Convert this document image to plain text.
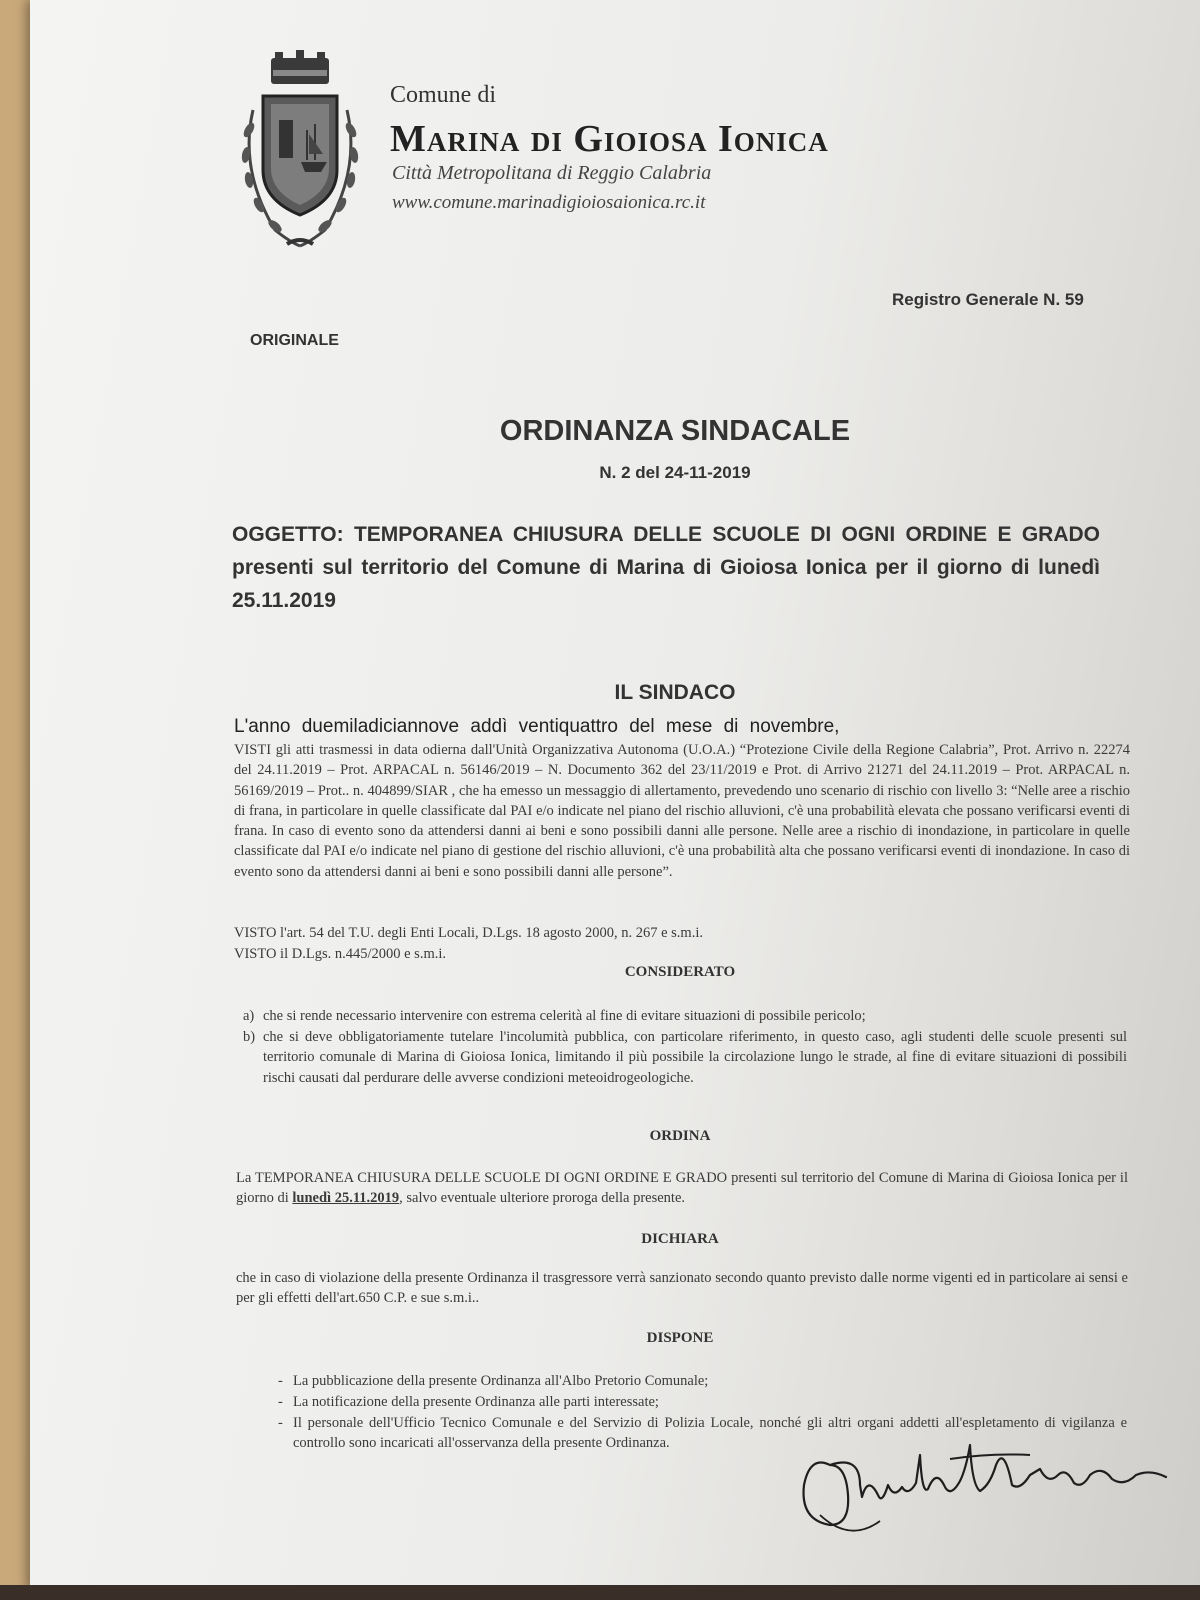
Comune di
Marina di Gioiosa Ionica
Città Metropolitana di Reggio Calabria
www.comune.marinadigioiosaionica.rc.it
Registro Generale N. 59
ORIGINALE
ORDINANZA SINDACALE
N. 2 del 24-11-2019
OGGETTO: TEMPORANEA CHIUSURA DELLE SCUOLE DI OGNI ORDINE E GRADO presenti sul territorio del Comune di Marina di Gioiosa Ionica per il giorno di lunedì 25.11.2019
IL SINDACO
L'anno duemiladiciannove addì ventiquattro del mese di novembre,
VISTI gli atti trasmessi in data odierna dall'Unità Organizzativa Autonoma (U.O.A.) “Protezione Civile della Regione Calabria”, Prot. Arrivo n. 22274 del 24.11.2019 – Prot. ARPACAL n. 56146/2019 – N. Documento 362 del 23/11/2019 e Prot. di Arrivo 21271 del 24.11.2019 – Prot. ARPACAL n. 56169/2019 – Prot.. n. 404899/SIAR , che ha emesso un messaggio di allertamento, prevedendo uno scenario di rischio con livello 3: “Nelle aree a rischio di frana, in particolare in quelle classificate dal PAI e/o indicate nel piano del rischio alluvioni, c'è una probabilità elevata che possano verificarsi eventi di frana. In caso di evento sono da attendersi danni ai beni e sono possibili danni alle persone. Nelle aree a rischio di inondazione, in particolare in quelle classificate dal PAI e/o indicate nel piano di gestione del rischio alluvioni, c'è una probabilità alta che possano verificarsi eventi di inondazione. In caso di evento sono da attendersi danni ai beni e sono possibili danni alle persone”.
VISTO l'art. 54 del T.U. degli Enti Locali, D.Lgs. 18 agosto 2000, n. 267 e s.m.i.
VISTO il D.Lgs. n.445/2000 e s.m.i.
CONSIDERATO
a) che si rende necessario intervenire con estrema celerità al fine di evitare situazioni di possibile pericolo;
b) che si deve obbligatoriamente tutelare l'incolumità pubblica, con particolare riferimento, in questo caso, agli studenti delle scuole presenti sul territorio comunale di Marina di Gioiosa Ionica, limitando il più possibile la circolazione lungo le strade, al fine di evitare situazioni di possibili rischi causati dal perdurare delle avverse condizioni meteoidrogeologiche.
ORDINA
La TEMPORANEA CHIUSURA DELLE SCUOLE DI OGNI ORDINE E GRADO presenti sul territorio del Comune di Marina di Gioiosa Ionica per il giorno di lunedì 25.11.2019, salvo eventuale ulteriore proroga della presente.
DICHIARA
che in caso di violazione della presente Ordinanza il trasgressore verrà sanzionato secondo quanto previsto dalle norme vigenti ed in particolare ai sensi e per gli effetti dell'art.650 C.P. e sue s.m.i..
DISPONE
- La pubblicazione della presente Ordinanza all'Albo Pretorio Comunale;
- La notificazione della presente Ordinanza alle parti interessate;
- Il personale dell'Ufficio Tecnico Comunale e del Servizio di Polizia Locale, nonché gli altri organi addetti all'espletamento di vigilanza e controllo sono incaricati all'osservanza della presente Ordinanza.
